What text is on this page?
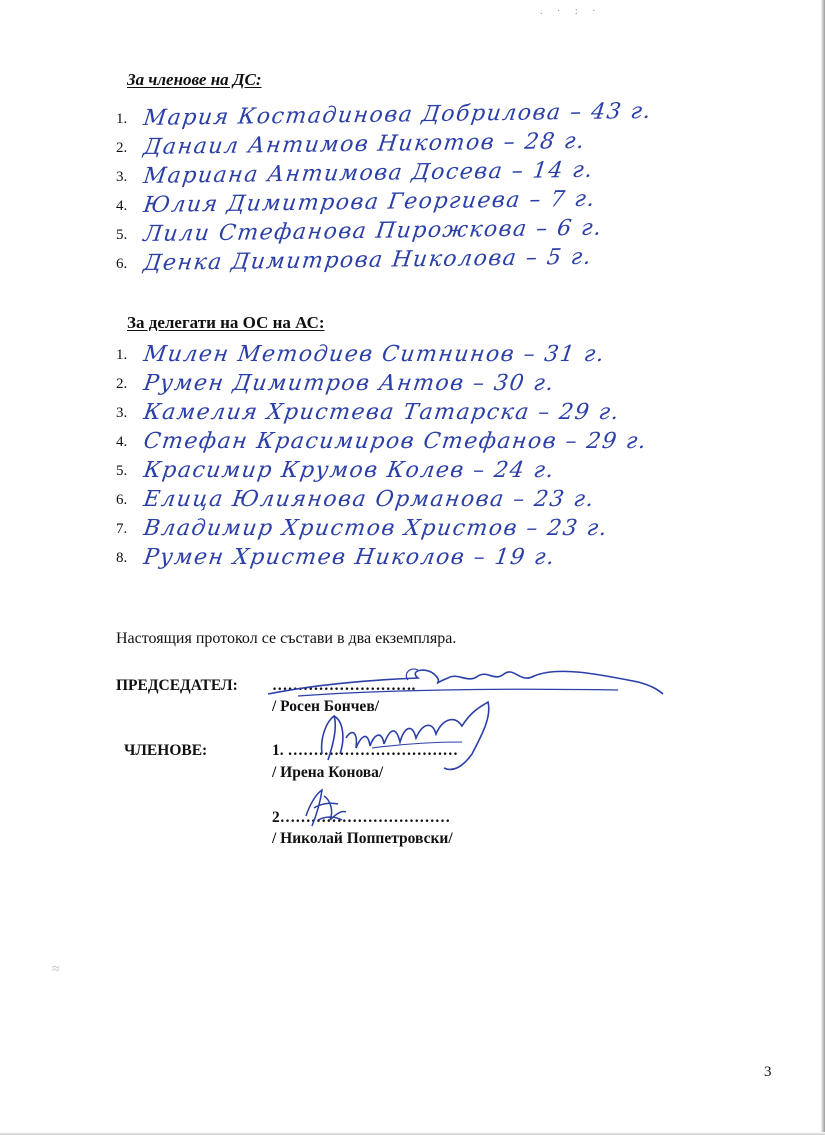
. · : ·
≈
За членове на ДС:
1. Мария Костадинова Добрилова – 43 г.
2. Данаил Антимов Никотов – 28 г.
3. Мариана Антимова Досева – 14 г.
4. Юлия Димитрова Георгиева – 7 г.
5. Лили Стефанова Пирожкова – 6 г.
6. Денка Димитрова Николова – 5 г.
За делегати на ОС на АС:
1. Милен Методиев Ситнинов – 31 г.
2. Румен Димитров Антов – 30 г.
3. Камелия Христева Татарска – 29 г.
4. Стефан Красимиров Стефанов – 29 г.
5. Красимир Крумов Колев – 24 г.
6. Елица Юлиянова Орманова – 23 г.
7. Владимир Христов Христов – 23 г.
8. Румен Христев Николов – 19 г.
Настоящия протокол се състави в два екземпляра.
ПРЕДСЕДАТЕЛ: ……………………….
/ Росен Бончев/
ЧЛЕНОВЕ:	1. ……………………………
/ Ирена Конова/
2……………………………
/ Николай Поппетровски/
3
